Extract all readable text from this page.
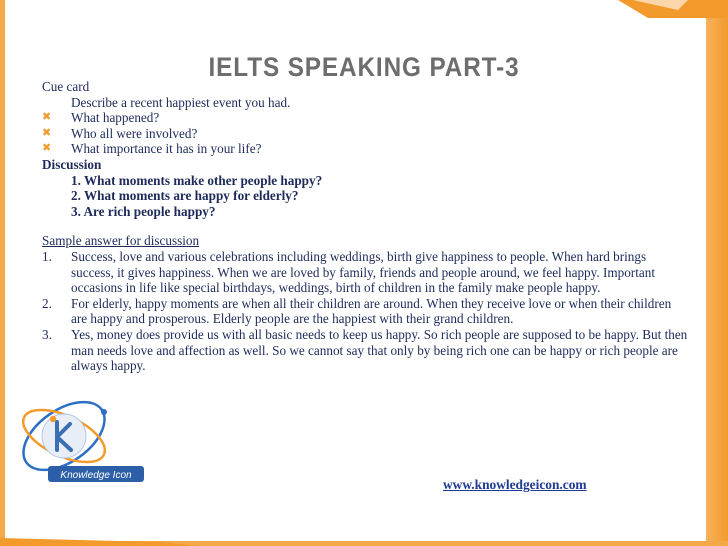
IELTS SPEAKING PART-3
Cue card
Describe a recent happiest event you had.
✖ What happened?
✖ Who all were involved?
✖ What importance it has in your life?
Discussion
1. What moments make other people happy?
2. What moments are happy for elderly?
3. Are rich people happy?
Sample answer for discussion
1. Success, love and various celebrations including weddings, birth give happiness to people. When hard brings success, it gives happiness. When we are loved by family, friends and people around, we feel happy. Important occasions in life like special birthdays, weddings, birth of children in the family make people happy.
2. For elderly, happy moments are when all their children are around. When they receive love or when their children are happy and prosperous. Elderly people are the happiest with their grand children.
3. Yes, money does provide us with all basic needs to keep us happy. So rich people are supposed to be happy. But then man needs love and affection as well. So we cannot say that only by being rich one can be happy or rich people are always happy.
Knowledge Icon
www.knowledgeicon.com
